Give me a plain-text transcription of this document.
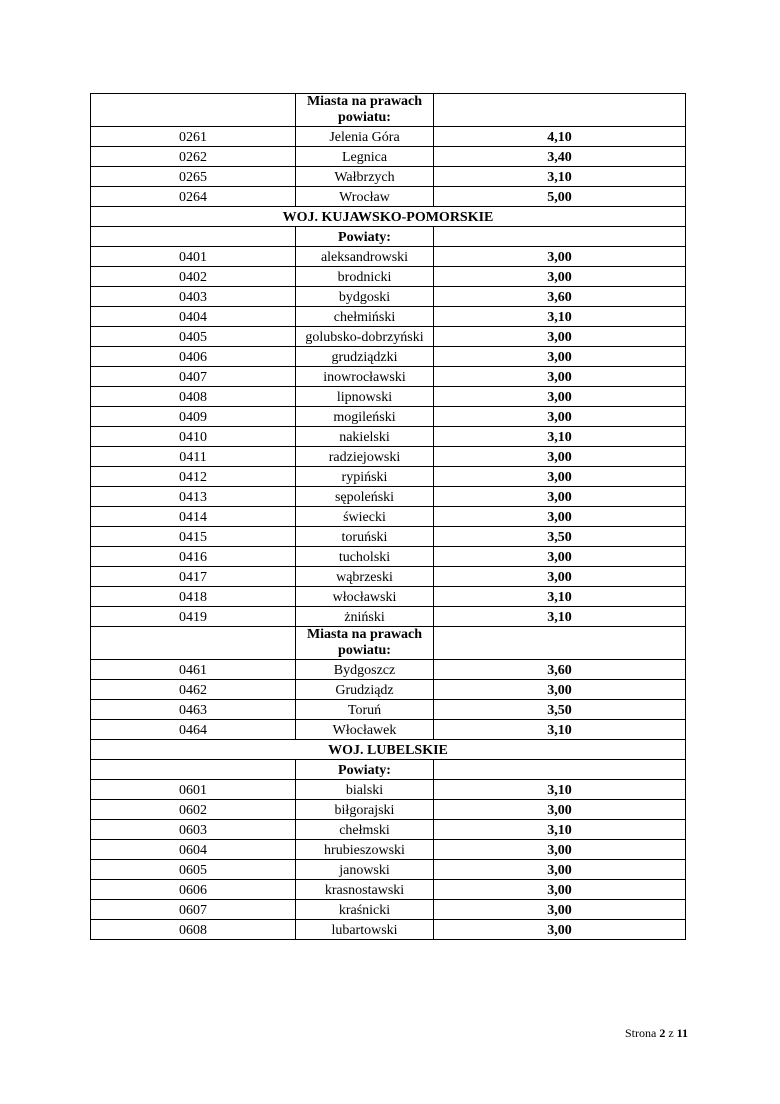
	Miasta na prawach powiatu:	
0261	Jelenia Góra	4,10
0262	Legnica	3,40
0265	Wałbrzych	3,10
0264	Wrocław	5,00
WOJ. KUJAWSKO-POMORSKIE		
	Powiaty:	
0401	aleksandrowski	3,00
0402	brodnicki	3,00
0403	bydgoski	3,60
0404	chełmiński	3,10
0405	golubsko-dobrzyński	3,00
0406	grudziądzki	3,00
0407	inowrocławski	3,00
0408	lipnowski	3,00
0409	mogileński	3,00
0410	nakielski	3,10
0411	radziejowski	3,00
0412	rypiński	3,00
0413	sępoleński	3,00
0414	świecki	3,00
0415	toruński	3,50
0416	tucholski	3,00
0417	wąbrzeski	3,00
0418	włocławski	3,10
0419	żniński	3,10
	Miasta na prawach powiatu:	
0461	Bydgoszcz	3,60
0462	Grudziądz	3,00
0463	Toruń	3,50
0464	Włocławek	3,10
WOJ. LUBELSKIE		
	Powiaty:	
0601	bialski	3,10
0602	biłgorajski	3,00
0603	chełmski	3,10
0604	hrubieszowski	3,00
0605	janowski	3,00
0606	krasnostawski	3,00
0607	kraśnicki	3,00
0608	lubartowski	3,00
Strona 2 z 11
